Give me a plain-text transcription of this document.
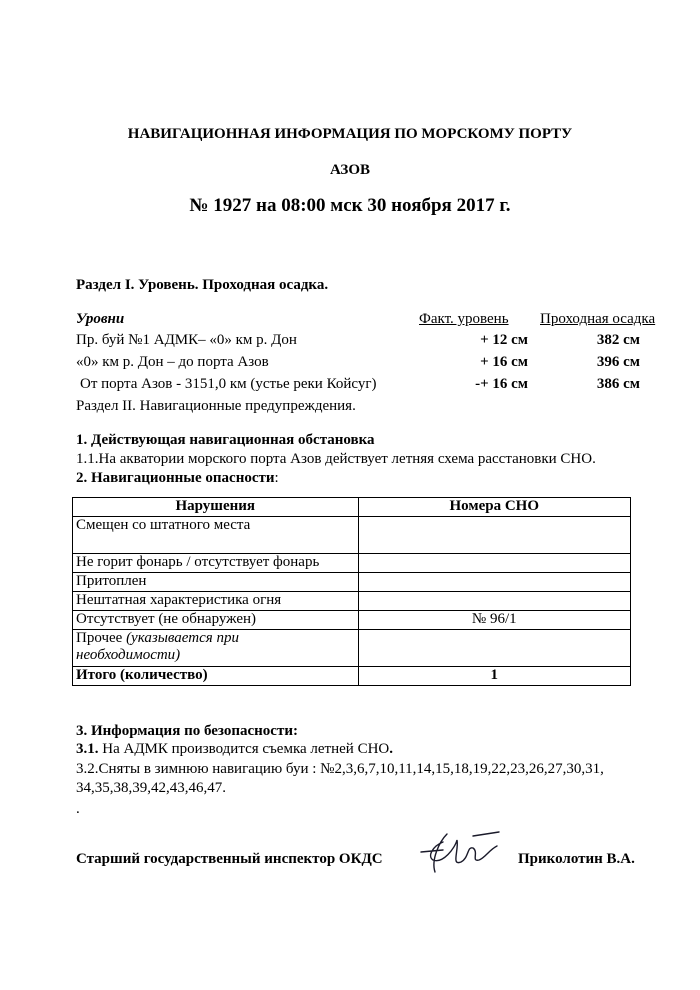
НАВИГАЦИОННАЯ ИНФОРМАЦИЯ ПО МОРСКОМУ ПОРТУ
АЗОВ
№ 1927 на 08:00 мск 30 ноября 2017 г.
Раздел I. Уровень. Проходная осадка.
Уровни	Факт. уровень Проходная осадка
Пр. буй №1 АДМК– «0» км р. Дон	+ 12 см	382 см
«0» км р. Дон – до порта Азов	+ 16 см	396 см
От порта Азов - 3151,0 км (устье реки Койсуг)	-+ 16 см	386 см
Раздел II. Навигационные предупреждения.
1. Действующая навигационная обстановка
1.1.На акватории морского порта Азов действует летняя схема расстановки СНО.
2. Навигационные опасности:
Нарушения	Номера СНО
Смещен со штатного места	
Не горит фонарь / отсутствует фонарь	
Притоплен	
Нештатная характеристика огня	
Отсутствует (не обнаружен)	№ 96/1
Прочее (указывается при
необходимости)	
Итого (количество)	1
3. Информация по безопасности:
3.1. На АДМК производится съемка летней СНО.
3.2.Сняты в зимнюю навигацию буи : №2,3,6,7,10,11,14,15,18,19,22,23,26,27,30,31,
34,35,38,39,42,43,46,47.
.
Старший государственный инспектор ОКДС	Приколотин В.А.
